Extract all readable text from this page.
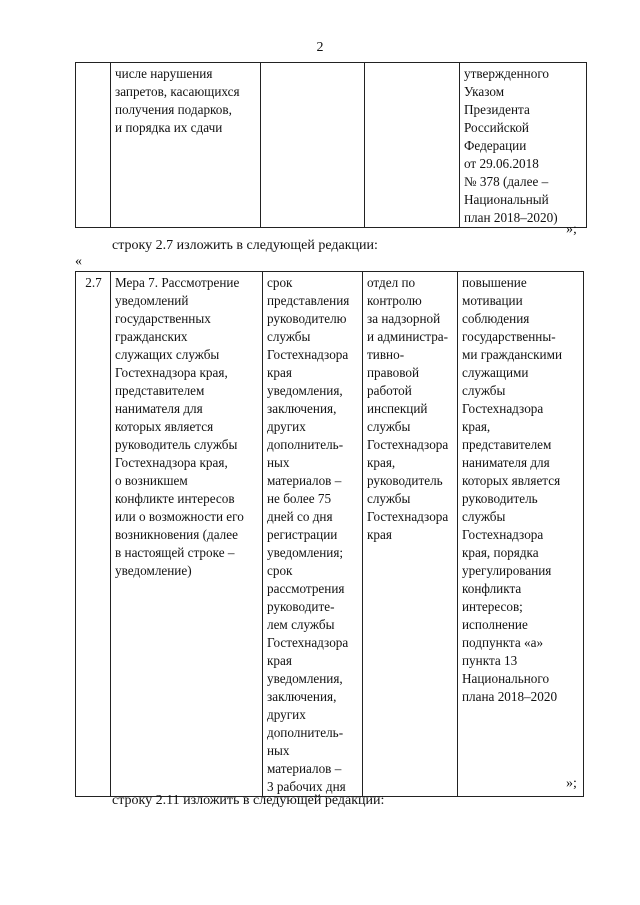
2
	числе нарушения
запретов, касающихся
получения подарков,
и порядка их сдачи			утвержденного
Указом
Президента
Российской
Федерации
от 29.06.2018
№ 378 (далее –
Национальный
план 2018–2020)
»;
строку 2.7 изложить в следующей редакции:
«
2.7	Мера 7. Рассмотрение
уведомлений
государственных
гражданских
служащих службы
Гостехнадзора края,
представителем
нанимателя для
которых является
руководитель службы
Гостехнадзора края,
о возникшем
конфликте интересов
или о возможности его
возникновения (далее
в настоящей строке –
уведомление)	срок
представления
руководителю
службы
Гостехнадзора
края
уведомления,
заключения,
других
дополнитель-
ных
материалов –
не более 75
дней со дня
регистрации
уведомления;
срок
рассмотрения
руководите-
лем службы
Гостехнадзора
края
уведомления,
заключения,
других
дополнитель-
ных
материалов –
3 рабочих дня	отдел по
контролю
за надзорной
и администра-
тивно-
правовой
работой
инспекций
службы
Гостехнадзора
края,
руководитель
службы
Гостехнадзора
края	повышение
мотивации
соблюдения
государственны-
ми гражданскими
служащими
службы
Гостехнадзора
края,
представителем
нанимателя для
которых является
руководитель
службы
Гостехнадзора
края, порядка
урегулирования
конфликта
интересов;
исполнение
подпункта «а»
пункта 13
Национального
плана 2018–2020
»;
строку 2.11 изложить в следующей редакции:
